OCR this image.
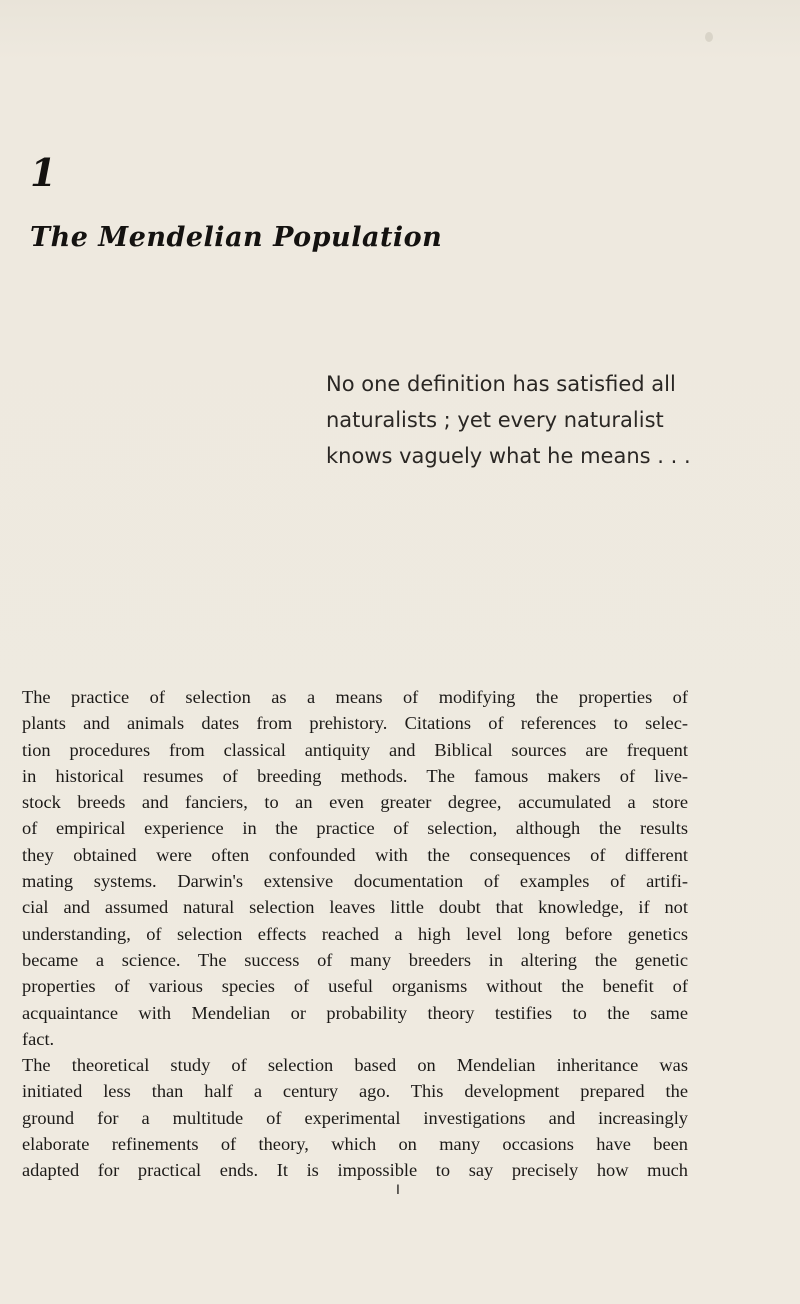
1
The Mendelian Population
No one definition has satisfied all
naturalists ; yet every naturalist
knows vaguely what he means . . .
The practice of selection as a means of modifying the properties of
plants and animals dates from prehistory. Citations of references to selec-
tion procedures from classical antiquity and Biblical sources are frequent
in historical resumes of breeding methods. The famous makers of live-
stock breeds and fanciers, to an even greater degree, accumulated a store
of empirical experience in the practice of selection, although the results
they obtained were often confounded with the consequences of different
mating systems. Darwin's extensive documentation of examples of artifi-
cial and assumed natural selection leaves little doubt that knowledge, if not
understanding, of selection effects reached a high level long before genetics
became a science. The success of many breeders in altering the genetic
properties of various species of useful organisms without the benefit of
acquaintance with Mendelian or probability theory testifies to the same
fact.
The theoretical study of selection based on Mendelian inheritance was
initiated less than half a century ago. This development prepared the
ground for a multitude of experimental investigations and increasingly
elaborate refinements of theory, which on many occasions have been
adapted for practical ends. It is impossible to say precisely how much
I
